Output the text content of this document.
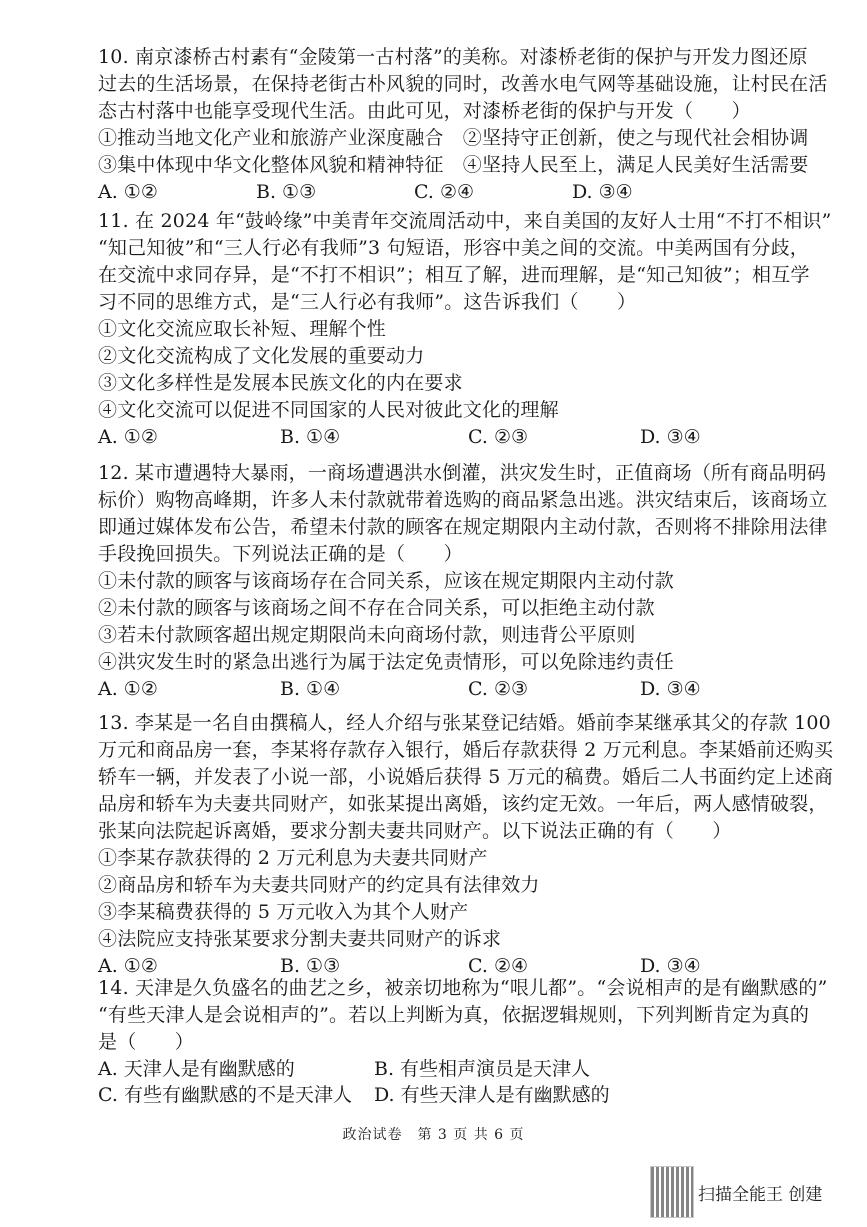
10. 南京漆桥古村素有“金陵第一古村落”的美称。对漆桥老街的保护与开发力图还原
过去的生活场景，在保持老街古朴风貌的同时，改善水电气网等基础设施，让村民在活
态古村落中也能享受现代生活。由此可见，对漆桥老街的保护与开发（　　）
①推动当地文化产业和旅游产业深度融合　②坚持守正创新，使之与现代社会相协调
③集中体现中华文化整体风貌和精神特征　④坚持人民至上，满足人民美好生活需要
A. ①②	B. ①③	C. ②④	D. ③④
11. 在 2024 年“鼓岭缘”中美青年交流周活动中，来自美国的友好人士用“不打不相识”
“知己知彼”和“三人行必有我师”3 句短语，形容中美之间的交流。中美两国有分歧，
在交流中求同存异，是“不打不相识”；相互了解，进而理解，是“知己知彼”；相互学
习不同的思维方式，是“三人行必有我师”。这告诉我们（　　）
①文化交流应取长补短、理解个性
②文化交流构成了文化发展的重要动力
③文化多样性是发展本民族文化的内在要求
④文化交流可以促进不同国家的人民对彼此文化的理解
A. ①②	B. ①④	C. ②③	D. ③④
12. 某市遭遇特大暴雨，一商场遭遇洪水倒灌，洪灾发生时，正值商场（所有商品明码
标价）购物高峰期，许多人未付款就带着选购的商品紧急出逃。洪灾结束后，该商场立
即通过媒体发布公告，希望未付款的顾客在规定期限内主动付款，否则将不排除用法律
手段挽回损失。下列说法正确的是（　　）
①未付款的顾客与该商场存在合同关系，应该在规定期限内主动付款
②未付款的顾客与该商场之间不存在合同关系，可以拒绝主动付款
③若未付款顾客超出规定期限尚未向商场付款，则违背公平原则
④洪灾发生时的紧急出逃行为属于法定免责情形，可以免除违约责任
A. ①②	B. ①④	C. ②③	D. ③④
13. 李某是一名自由撰稿人，经人介绍与张某登记结婚。婚前李某继承其父的存款 100
万元和商品房一套，李某将存款存入银行，婚后存款获得 2 万元利息。李某婚前还购买
轿车一辆，并发表了小说一部，小说婚后获得 5 万元的稿费。婚后二人书面约定上述商
品房和轿车为夫妻共同财产，如张某提出离婚，该约定无效。一年后，两人感情破裂，
张某向法院起诉离婚，要求分割夫妻共同财产。以下说法正确的有（　　）
①李某存款获得的 2 万元利息为夫妻共同财产
②商品房和轿车为夫妻共同财产的约定具有法律效力
③李某稿费获得的 5 万元收入为其个人财产
④法院应支持张某要求分割夫妻共同财产的诉求
A. ①②	B. ①③	C. ②④	D. ③④
14. 天津是久负盛名的曲艺之乡，被亲切地称为“哏儿都”。“会说相声的是有幽默感的”
“有些天津人是会说相声的”。若以上判断为真，依据逻辑规则，下列判断肯定为真的
是（　　）
A. 天津人是有幽默感的	B. 有些相声演员是天津人
C. 有些有幽默感的不是天津人	D. 有些天津人是有幽默感的
政治试卷　第 3 页 共 6 页
扫描全能王 创建
